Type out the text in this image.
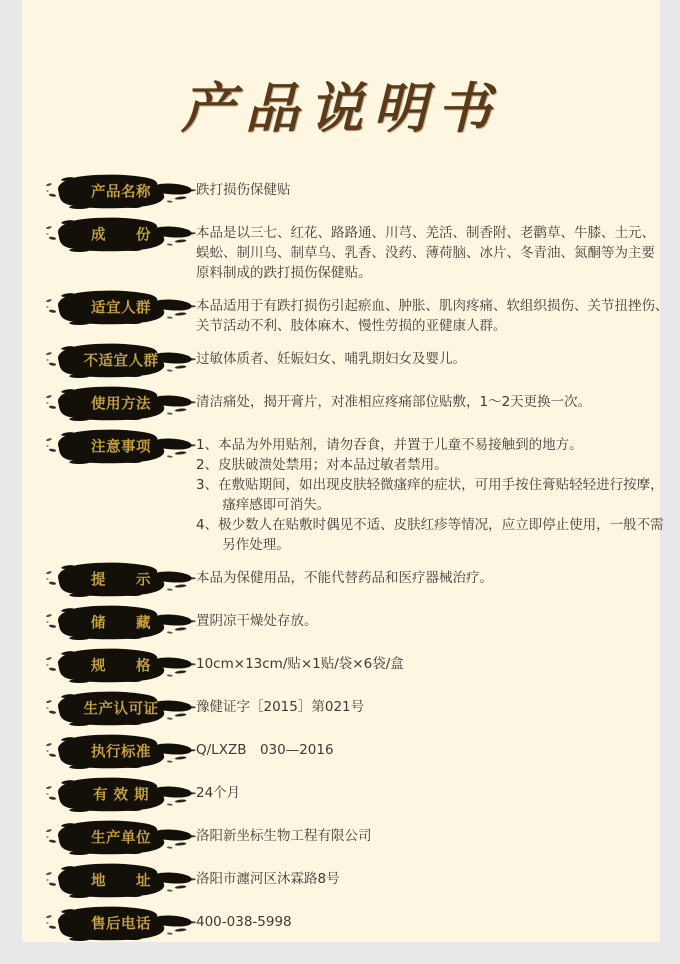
产品说明书
产品名称	跌打损伤保健贴
成　　份	本品是以三七、红花、路路通、川芎、羌活、制香附、老鹳草、牛膝、土元、
蜈蚣、制川乌、制草乌、乳香、没药、薄荷脑、冰片、冬青油、氮酮等为主要
原料制成的跌打损伤保健贴。
适宜人群	本品适用于有跌打损伤引起瘀血、肿胀、肌肉疼痛、软组织损伤、关节扭挫伤、
关节活动不利、肢体麻木、慢性劳损的亚健康人群。
不适宜人群	过敏体质者、妊娠妇女、哺乳期妇女及婴儿。
使用方法	清洁痛处，揭开膏片，对准相应疼痛部位贴敷，1～2天更换一次。
注意事项	1、本品为外用贴剂，请勿吞食，并置于儿童不易接触到的地方。
2、皮肤破溃处禁用；对本品过敏者禁用。
3、在敷贴期间，如出现皮肤轻微瘙痒的症状，可用手按住膏贴轻轻进行按摩，
瘙痒感即可消失。
4、极少数人在贴敷时偶见不适、皮肤红疹等情况，应立即停止使用，一般不需
另作处理。
提　　示	本品为保健用品，不能代替药品和医疗器械治疗。
储　　藏	置阴凉干燥处存放。
规　　格	10cm×13cm/贴×1贴/袋×6袋/盒
生产认可证	豫健证字［2015］第021号
执行标准	Q/LXZB　030—2016
有 效 期	24个月
生产单位	洛阳新坐标生物工程有限公司
地　　址	洛阳市瀍河区沐霖路8号
售后电话	400-038-5998
